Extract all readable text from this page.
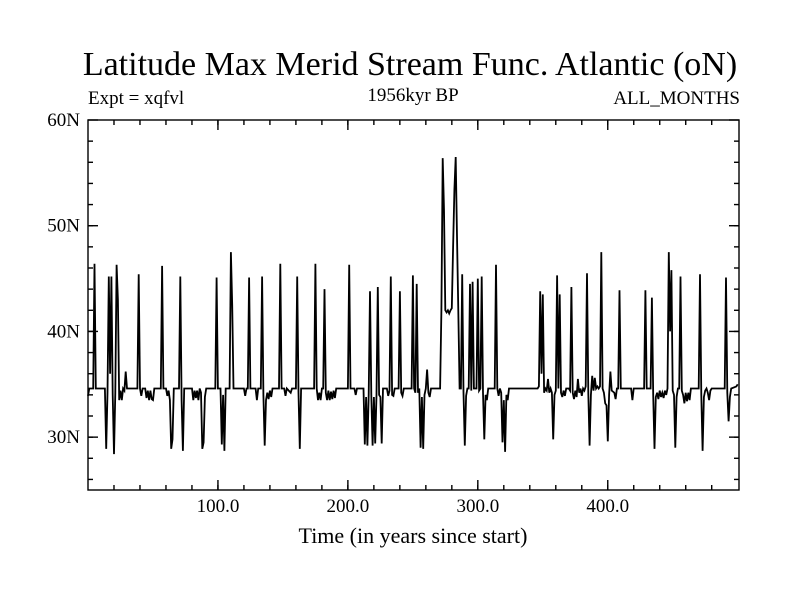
Latitude Max Merid Stream Func. Atlantic (oN)
Expt = xqfvl	1956kyr BP	ALL_MONTHS
100.0	200.0	300.0	400.0
30N
40N
50N
60N
Time (in years since start)
